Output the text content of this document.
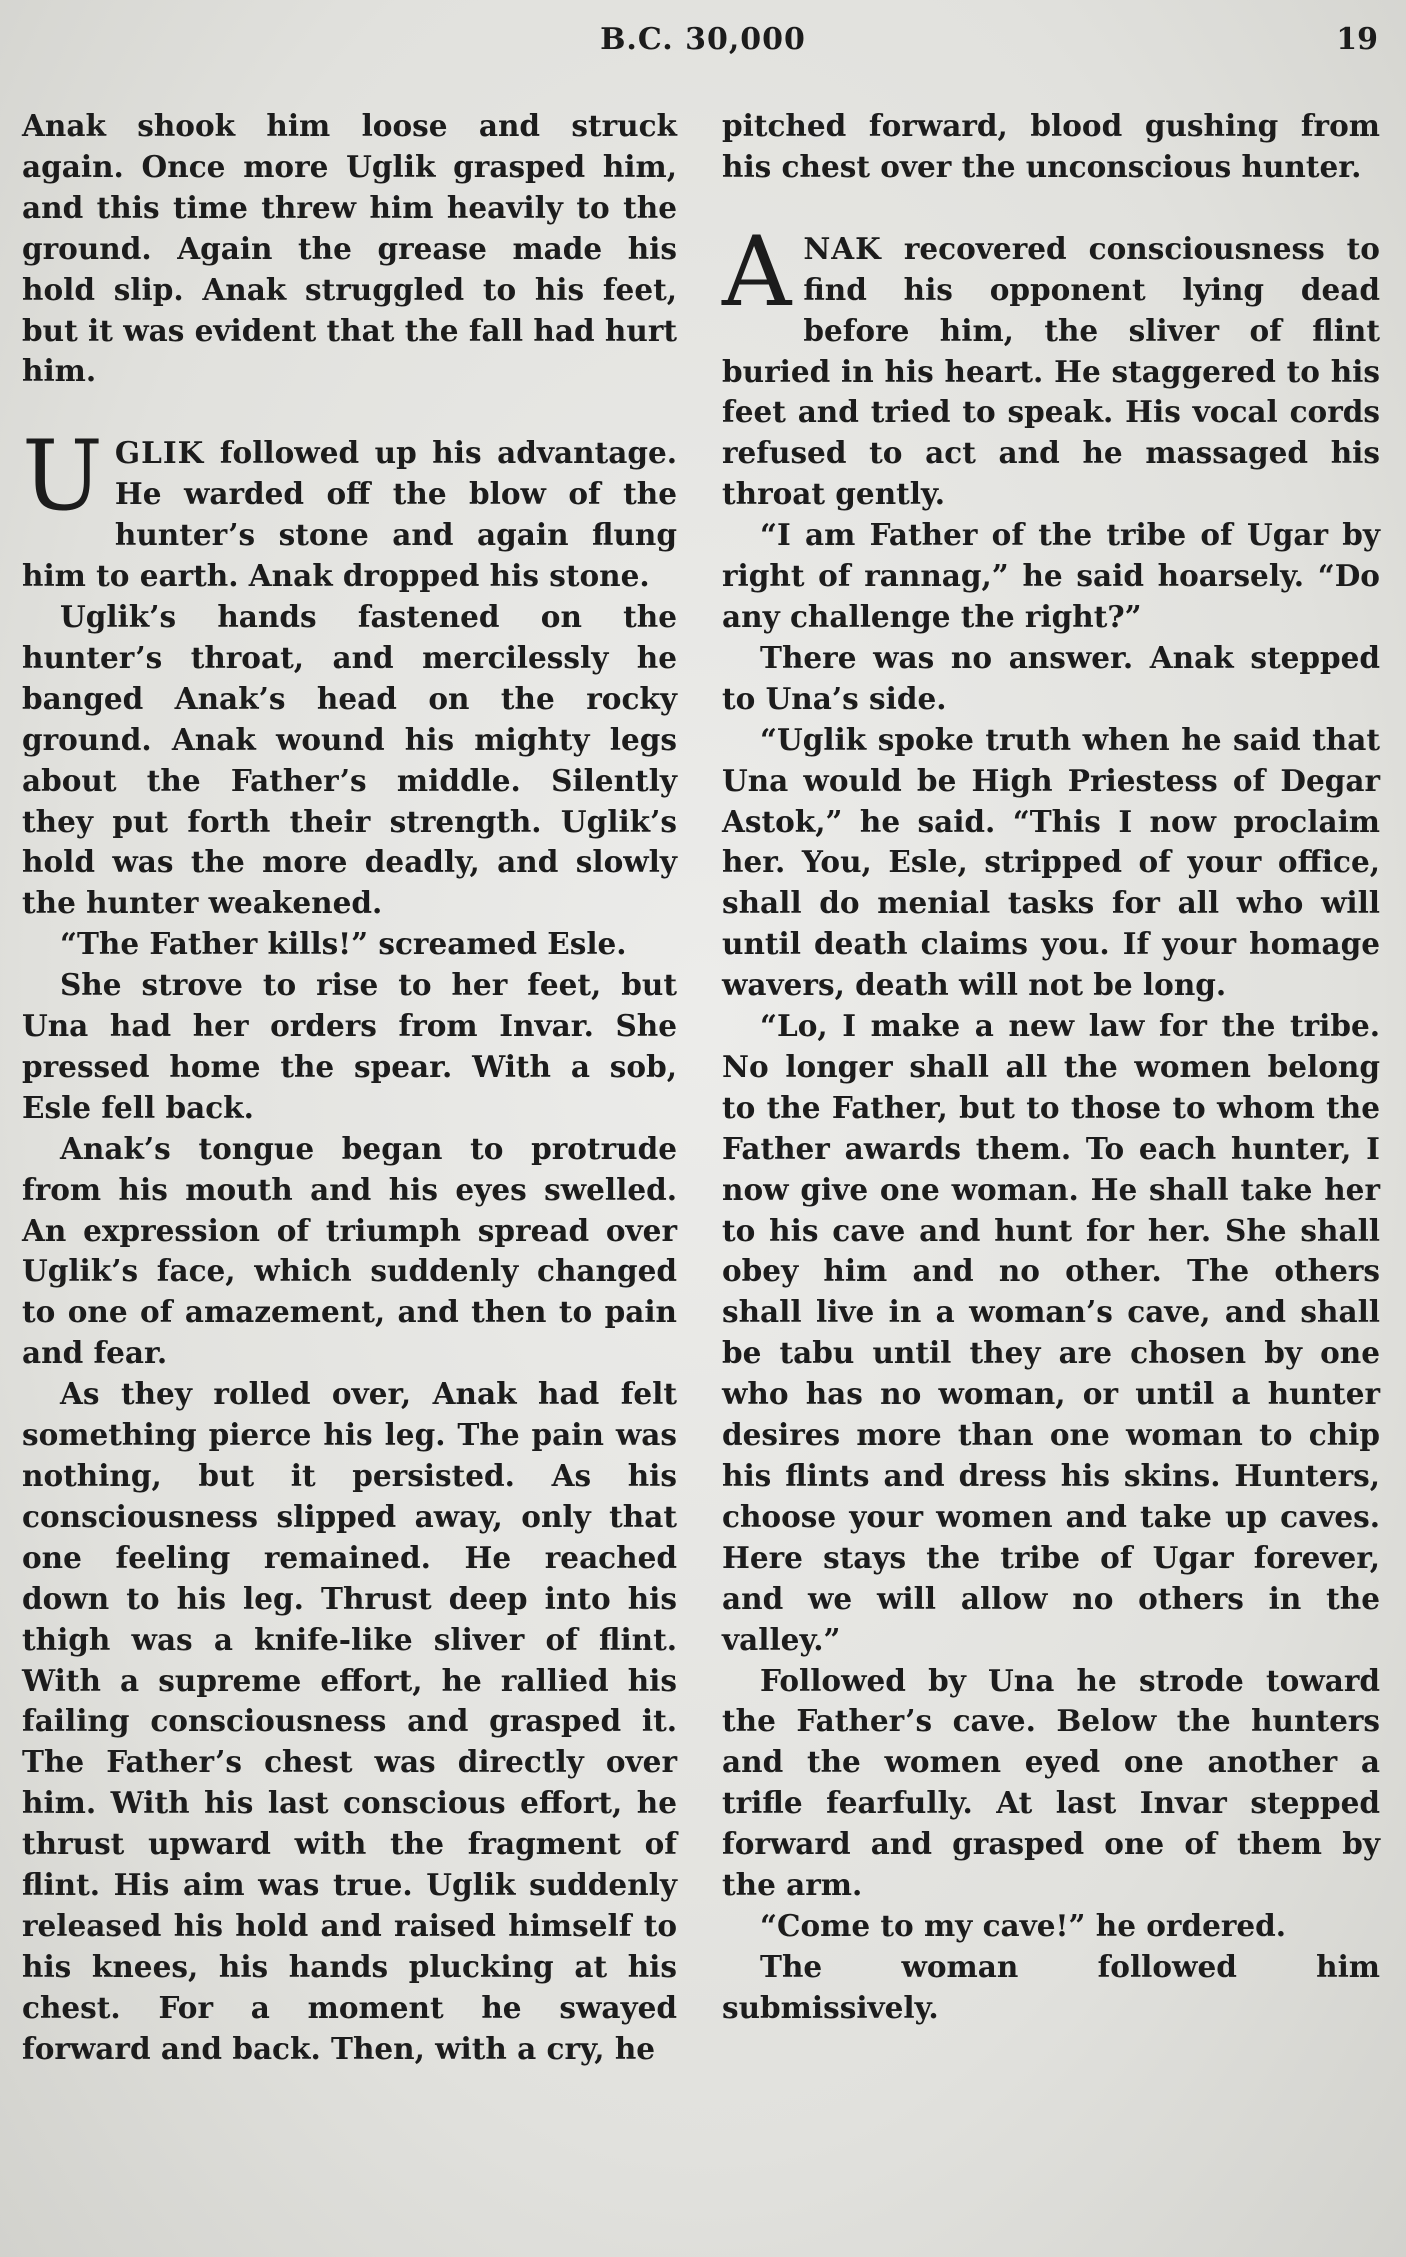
B.C. 30,000	19

Anak shook him loose and struck again. Once more Uglik grasped him, and this time threw him heavily to the ground. Again the grease made his hold slip. Anak struggled to his feet, but it was evident that the fall had hurt him.

UGLIK followed up his advantage. He warded off the blow of the hunter’s stone and again flung him to earth. Anak dropped his stone.

Uglik’s hands fastened on the hunter’s throat, and mercilessly he banged Anak’s head on the rocky ground. Anak wound his mighty legs about the Father’s middle. Silently they put forth their strength. Uglik’s hold was the more deadly, and slowly the hunter weakened.

“The Father kills!” screamed Esle.

She strove to rise to her feet, but Una had her orders from Invar. She pressed home the spear. With a sob, Esle fell back.

Anak’s tongue began to protrude from his mouth and his eyes swelled. An expression of triumph spread over Uglik’s face, which suddenly changed to one of amazement, and then to pain and fear.

As they rolled over, Anak had felt something pierce his leg. The pain was nothing, but it persisted. As his consciousness slipped away, only that one feeling remained. He reached down to his leg. Thrust deep into his thigh was a knife-like sliver of flint. With a supreme effort, he rallied his failing consciousness and grasped it. The Father’s chest was directly over him. With his last conscious effort, he thrust upward with the fragment of flint. His aim was true. Uglik suddenly released his hold and raised himself to his knees, his hands plucking at his chest. For a moment he swayed forward and back. Then, with a cry, he

pitched forward, blood gushing from his chest over the unconscious hunter.

ANAK recovered consciousness to find his opponent lying dead before him, the sliver of flint buried in his heart. He staggered to his feet and tried to speak. His vocal cords refused to act and he massaged his throat gently.

“I am Father of the tribe of Ugar by right of rannag,” he said hoarsely. “Do any challenge the right?”

There was no answer. Anak stepped to Una’s side.

“Uglik spoke truth when he said that Una would be High Priestess of Degar Astok,” he said. “This I now proclaim her. You, Esle, stripped of your office, shall do menial tasks for all who will until death claims you. If your homage wavers, death will not be long.

“Lo, I make a new law for the tribe. No longer shall all the women belong to the Father, but to those to whom the Father awards them. To each hunter, I now give one woman. He shall take her to his cave and hunt for her. She shall obey him and no other. The others shall live in a woman’s cave, and shall be tabu until they are chosen by one who has no woman, or until a hunter desires more than one woman to chip his flints and dress his skins. Hunters, choose your women and take up caves. Here stays the tribe of Ugar forever, and we will allow no others in the valley.”

Followed by Una he strode toward the Father’s cave. Below the hunters and the women eyed one another a trifle fearfully. At last Invar stepped forward and grasped one of them by the arm.

“Come to my cave!” he ordered.

The woman followed him submissively.
